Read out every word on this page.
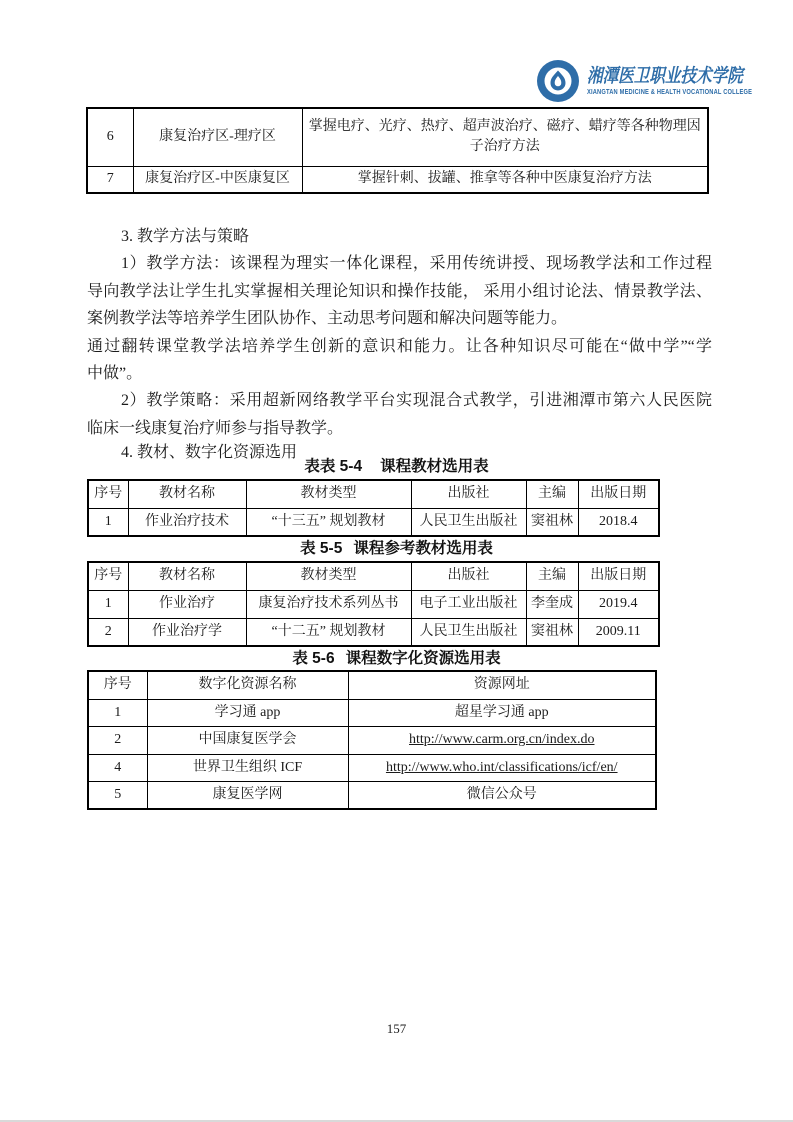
湘潭医卫职业技术学院
XIANGTAN MEDICINE & HEALTH VOCATIONAL COLLEGE
6	康复治疗区-理疗区	掌握电疗、光疗、热疗、超声波治疗、磁疗、蜡疗等各种物理因子治疗方法
7	康复治疗区-中医康复区	掌握针刺、拔罐、推拿等各种中医康复治疗方法
3. 教学方法与策略
1）教学方法：该课程为理实一体化课程，采用传统讲授、现场教学法和工作过程
导向教学法让学生扎实掌握相关理论知识和操作技能， 采用小组讨论法、情景教学法、
案例教学法等培养学生团队协作、主动思考问题和解决问题等能力。
通过翻转课堂教学法培养学生创新的意识和能力。让各种知识尽可能在“做中学”“学
中做”。
2）教学策略：采用超新网络教学平台实现混合式教学，引进湘潭市第六人民医院
临床一线康复治疗师参与指导教学。
4. 教材、数字化资源选用
表表 5-4 课程教材选用表
序号	教材名称	教材类型	出版社	主编	出版日期
1	作业治疗技术	“十三五” 规划教材	人民卫生出版社	窦祖林	2018.4
表 5-5 课程参考教材选用表
序号	教材名称	教材类型	出版社	主编	出版日期
1	作业治疗	康复治疗技术系列丛书	电子工业出版社	李奎成	2019.4
2	作业治疗学	“十二五” 规划教材	人民卫生出版社	窦祖林	2009.11
表 5-6 课程数字化资源选用表
序号	数字化资源名称	资源网址
1	学习通 app	超星学习通 app
2	中国康复医学会	http://www.carm.org.cn/index.do
4	世界卫生组织 ICF	http://www.who.int/classifications/icf/en/
5	康复医学网	微信公众号
157
